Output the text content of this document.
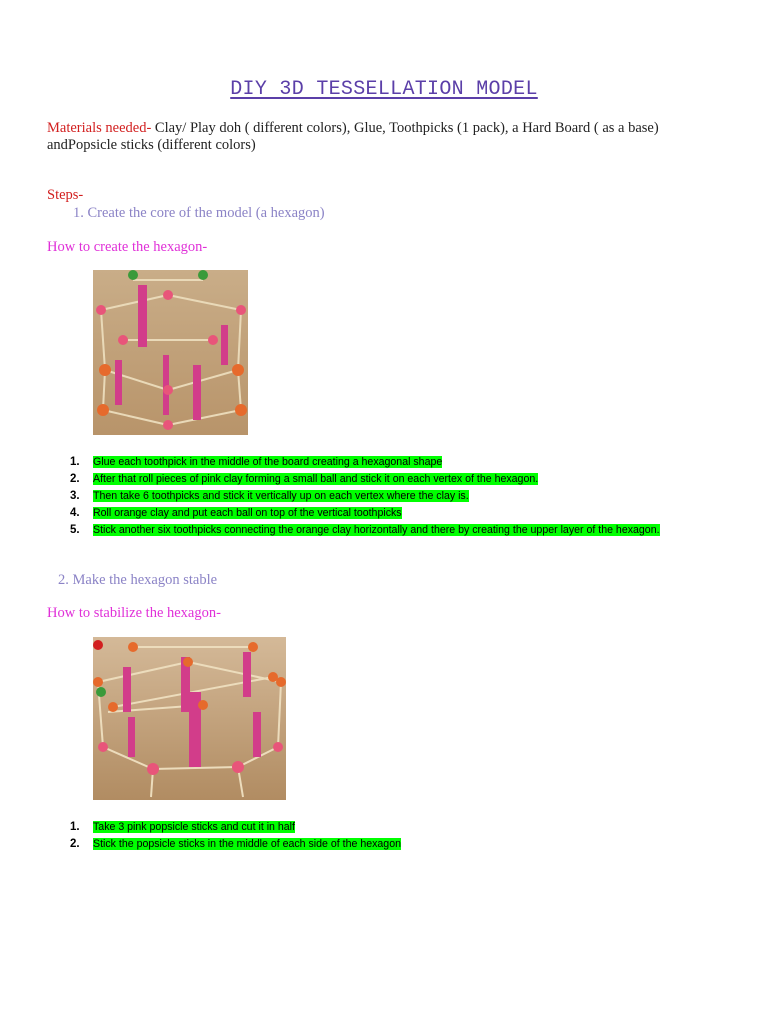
DIY 3D TESSELLATION MODEL
Materials needed- Clay/ Play doh ( different colors), Glue, Toothpicks (1 pack), a Hard Board ( as a base) andPopsicle sticks (different colors)
Steps-
1. Create the core of the model (a hexagon)
How to create the hexagon-
1. Glue each toothpick in the middle of the board creating a hexagonal shape
2. After that roll pieces of pink clay forming a small ball and stick it on each vertex of the hexagon.
3. Then take 6 toothpicks and stick it vertically up on each vertex where the clay is.
4. Roll orange clay and put each ball on top of the vertical toothpicks
5. Stick another six toothpicks connecting the orange clay horizontally and there by creating the upper layer of the hexagon.
2. Make the hexagon stable
How to stabilize the hexagon-
1. Take 3 pink popsicle sticks and cut it in half
2. Stick the popsicle sticks in the middle of each side of the hexagon
